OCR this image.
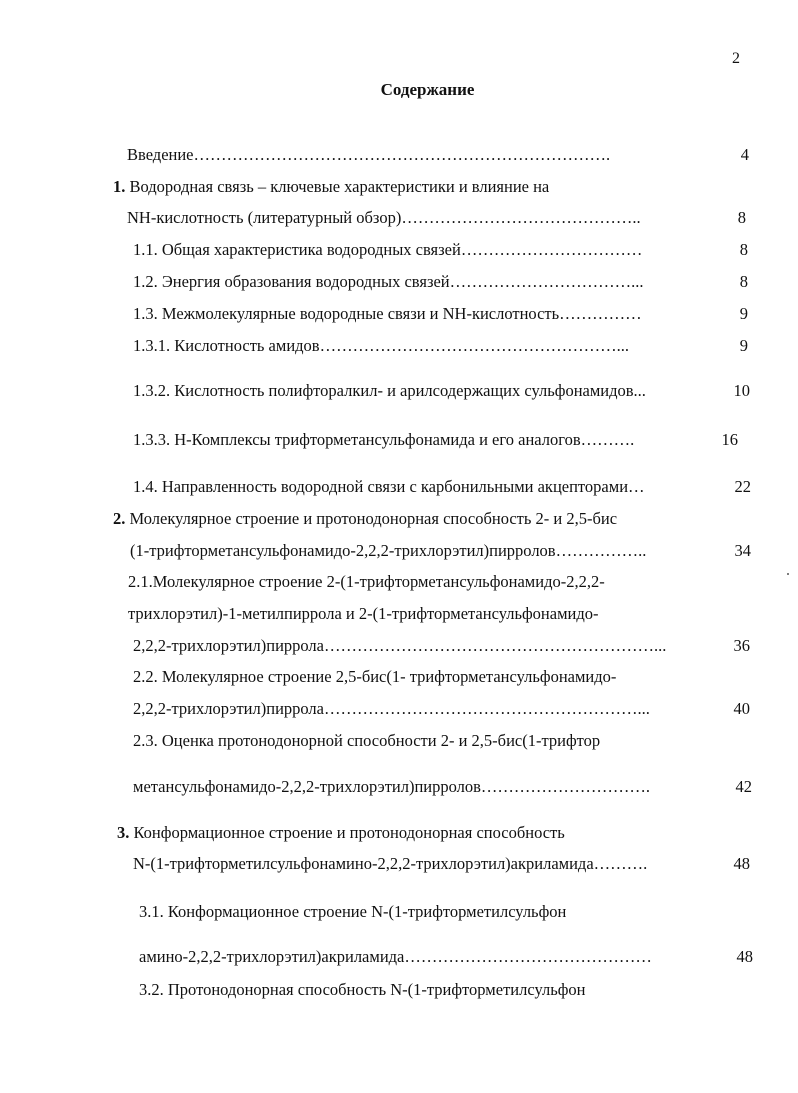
2
Содержание
Введение………………………………………………………………….	4
1. Водородная связь – ключевые характеристики и влияние на
NH-кислотность (литературный обзор)……………………………………..	8
1.1. Общая характеристика водородных связей……………………………	8
1.2. Энергия образования водородных связей……………………………...	8
1.3. Межмолекулярные водородные связи и NH-кислотность……………	9
1.3.1. Кислотность амидов………………………………………………...	9
1.3.2. Кислотность полифторалкил- и арилсодержащих сульфонамидов...	10
1.3.3. H-Комплексы трифторметансульфонамида и его аналогов……….	16
1.4. Направленность водородной связи с карбонильными акцепторами…	22
2. Молекулярное строение и протонодонорная способность 2- и 2,5-бис
(1-трифторметансульфонамидо-2,2,2-трихлорэтил)пирролов……………..	34
2.1.Молекулярное строение 2-(1-трифторметансульфонамидо-2,2,2-
трихлорэтил)-1-метилпиррола и 2-(1-трифторметансульфонамидо-
2,2,2-трихлорэтил)пиррола……………………………………………………...	36
2.2. Молекулярное строение 2,5-бис(1- трифторметансульфонамидо-
2,2,2-трихлорэтил)пиррола…………………………………………………...	40
2.3. Оценка протонодонорной способности 2- и 2,5-бис(1-трифтор
метансульфонамидо-2,2,2-трихлорэтил)пирролов………………………….	42
3. Конформационное строение и протонодонорная способность
N-(1-трифторметилсульфонамино-2,2,2-трихлорэтил)акриламида……….	48
3.1. Конформационное строение N-(1-трифторметилсульфон
амино-2,2,2-трихлорэтил)акриламида………………………………………	48
3.2. Протонодонорная способность N-(1-трифторметилсульфон
